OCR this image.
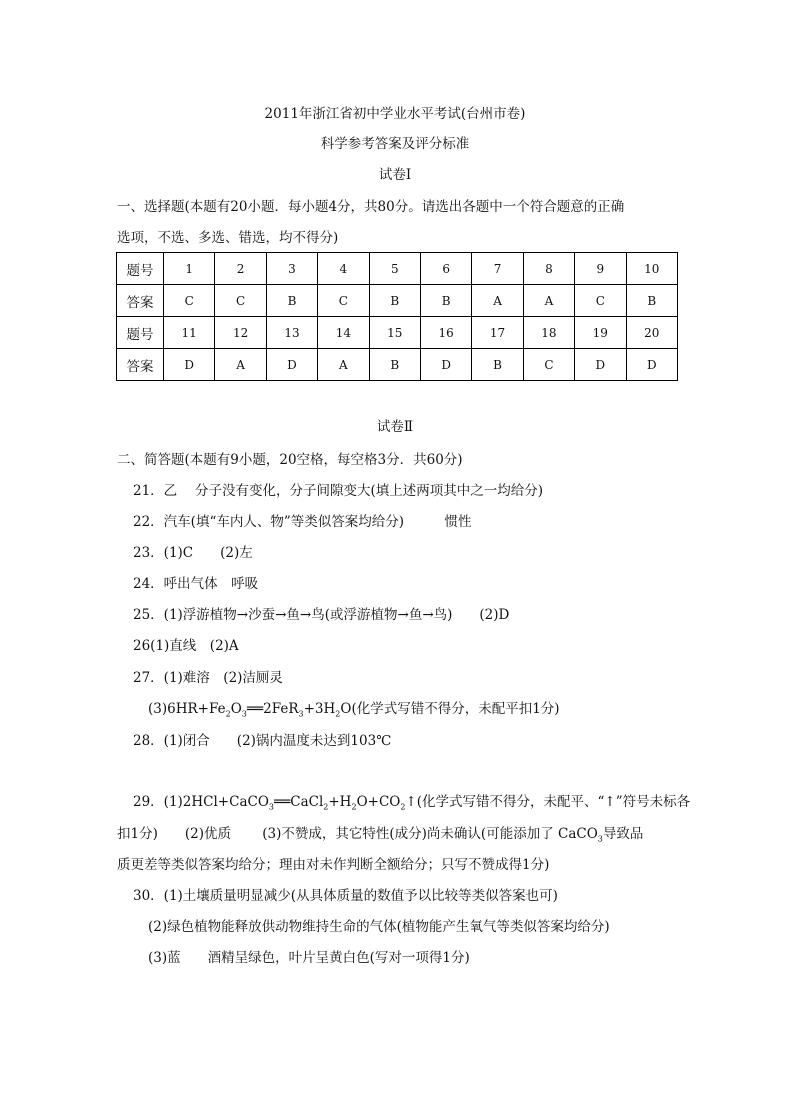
2011年浙江省初中学业水平考试(台州市卷)
科学参考答案及评分标准
试卷Ⅰ
一、选择题(本题有20小题．每小题4分，共80分。请选出各题中一个符合题意的正确
选项，不选、多选、错选，均不得分)
题号	1	2	3	4	5	6	7	8	9	10
答案	C	C	B	C	B	B	A	A	C	B
题号	11	12	13	14	15	16	17	18	19	20
答案	D	A	D	A	B	D	B	C	D	D
试卷Ⅱ
二、简答题(本题有9小题，20空格，每空格3分．共60分)
21．乙　 分子没有变化，分子间隙变大(填上述两项其中之一均给分)
22．汽车(填“车内人、物”等类似答案均给分)　　　惯性
23．(1)C　　(2)左
24．呼出气体　呼吸
25．(1)浮游植物→沙蚕→鱼→鸟(或浮游植物→鱼→鸟)　　(2)D
26(1)直线　(2)A
27．(1)难溶　(2)洁厕灵
$(3)6HR+Fe_2O_3══2FeR_3+3H_2O$(化学式写错不得分，未配平扣1分)
28．(1)闭合　　(2)锅内温度未达到103℃
29．$(1)2HCl+CaCO_3══CaCl_2+H_2O+CO_2↑$(化学式写错不得分，未配平、“↑”符号未标各
扣1分)　　(2)优质　　 (3)不赞成，其它特性(成分)尚未确认(可能添加了 CaCO$_3$导致品
质更差等类似答案均给分；理由对未作判断全额给分；只写不赞成得1分)
30．(1)土壤质量明显减少(从具体质量的数值予以比较等类似答案也可)
(2)绿色植物能释放供动物维持生命的气体(植物能产生氧气等类似答案均给分)
(3)蓝　　酒精呈绿色，叶片呈黄白色(写对一项得1分)
